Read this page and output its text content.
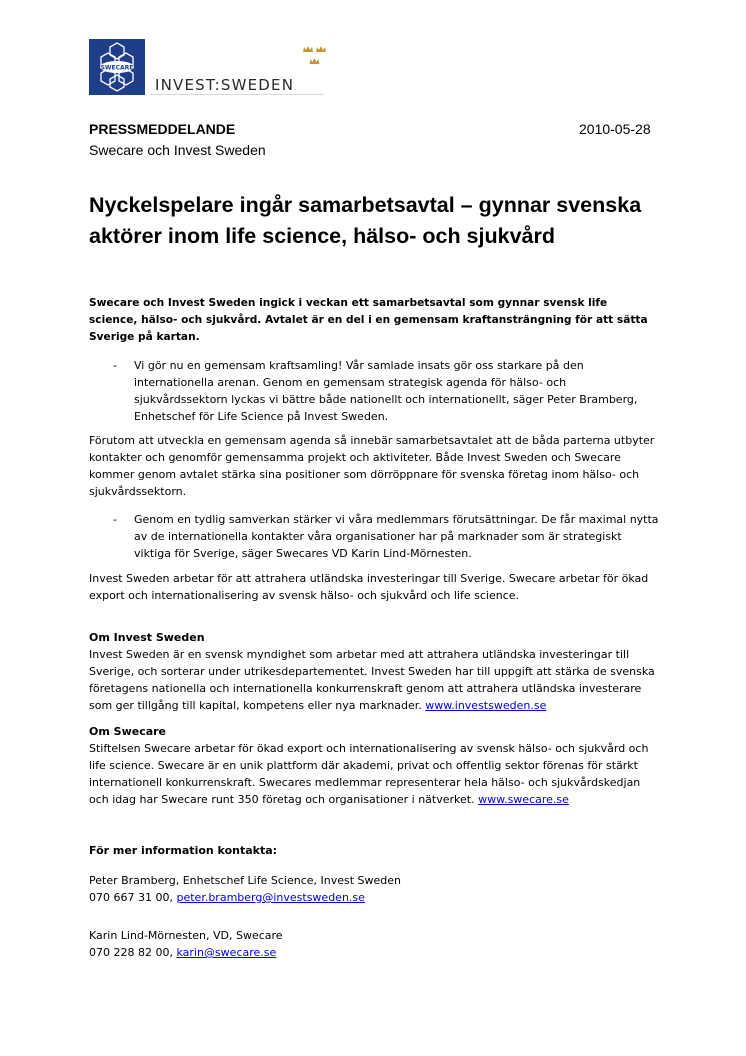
SWECARE
INVEST:SWEDEN
PRESSMEDDELANDE	2010-05-28
Swecare och Invest Sweden
Nyckelspelare ingår samarbetsavtal – gynnar svenska aktörer inom life science, hälso- och sjukvård
Swecare och Invest Sweden ingick i veckan ett samarbetsavtal som gynnar svensk life science, hälso- och sjukvård. Avtalet är en del i en gemensam kraftansträngning för att sätta Sverige på kartan.
- Vi gör nu en gemensam kraftsamling! Vår samlade insats gör oss starkare på den internationella arenan. Genom en gemensam strategisk agenda för hälso- och sjukvårdssektorn lyckas vi bättre både nationellt och internationellt, säger Peter Bramberg, Enhetschef för Life Science på Invest Sweden.
Förutom att utveckla en gemensam agenda så innebär samarbetsavtalet att de båda parterna utbyter kontakter och genomför gemensamma projekt och aktiviteter. Både Invest Sweden och Swecare kommer genom avtalet stärka sina positioner som dörröppnare för svenska företag inom hälso- och sjukvårdssektorn.
- Genom en tydlig samverkan stärker vi våra medlemmars förutsättningar. De får maximal nytta av de internationella kontakter våra organisationer har på marknader som är strategiskt viktiga för Sverige, säger Swecares VD Karin Lind-Mörnesten.
Invest Sweden arbetar för att attrahera utländska investeringar till Sverige. Swecare arbetar för ökad export och internationalisering av svensk hälso- och sjukvård och life science.
Om Invest Sweden
Invest Sweden är en svensk myndighet som arbetar med att attrahera utländska investeringar till Sverige, och sorterar under utrikesdepartementet. Invest Sweden har till uppgift att stärka de svenska företagens nationella och internationella konkurrenskraft genom att attrahera utländska investerare som ger tillgång till kapital, kompetens eller nya marknader. www.investsweden.se
Om Swecare
Stiftelsen Swecare arbetar för ökad export och internationalisering av svensk hälso- och sjukvård och life science. Swecare är en unik plattform där akademi, privat och offentlig sektor förenas för stärkt internationell konkurrenskraft. Swecares medlemmar representerar hela hälso- och sjukvårdskedjan och idag har Swecare runt 350 företag och organisationer i nätverket. www.swecare.se
För mer information kontakta:
Peter Bramberg, Enhetschef Life Science, Invest Sweden
070 667 31 00, peter.bramberg@investsweden.se
Karin Lind-Mörnesten, VD, Swecare
070 228 82 00, karin@swecare.se
